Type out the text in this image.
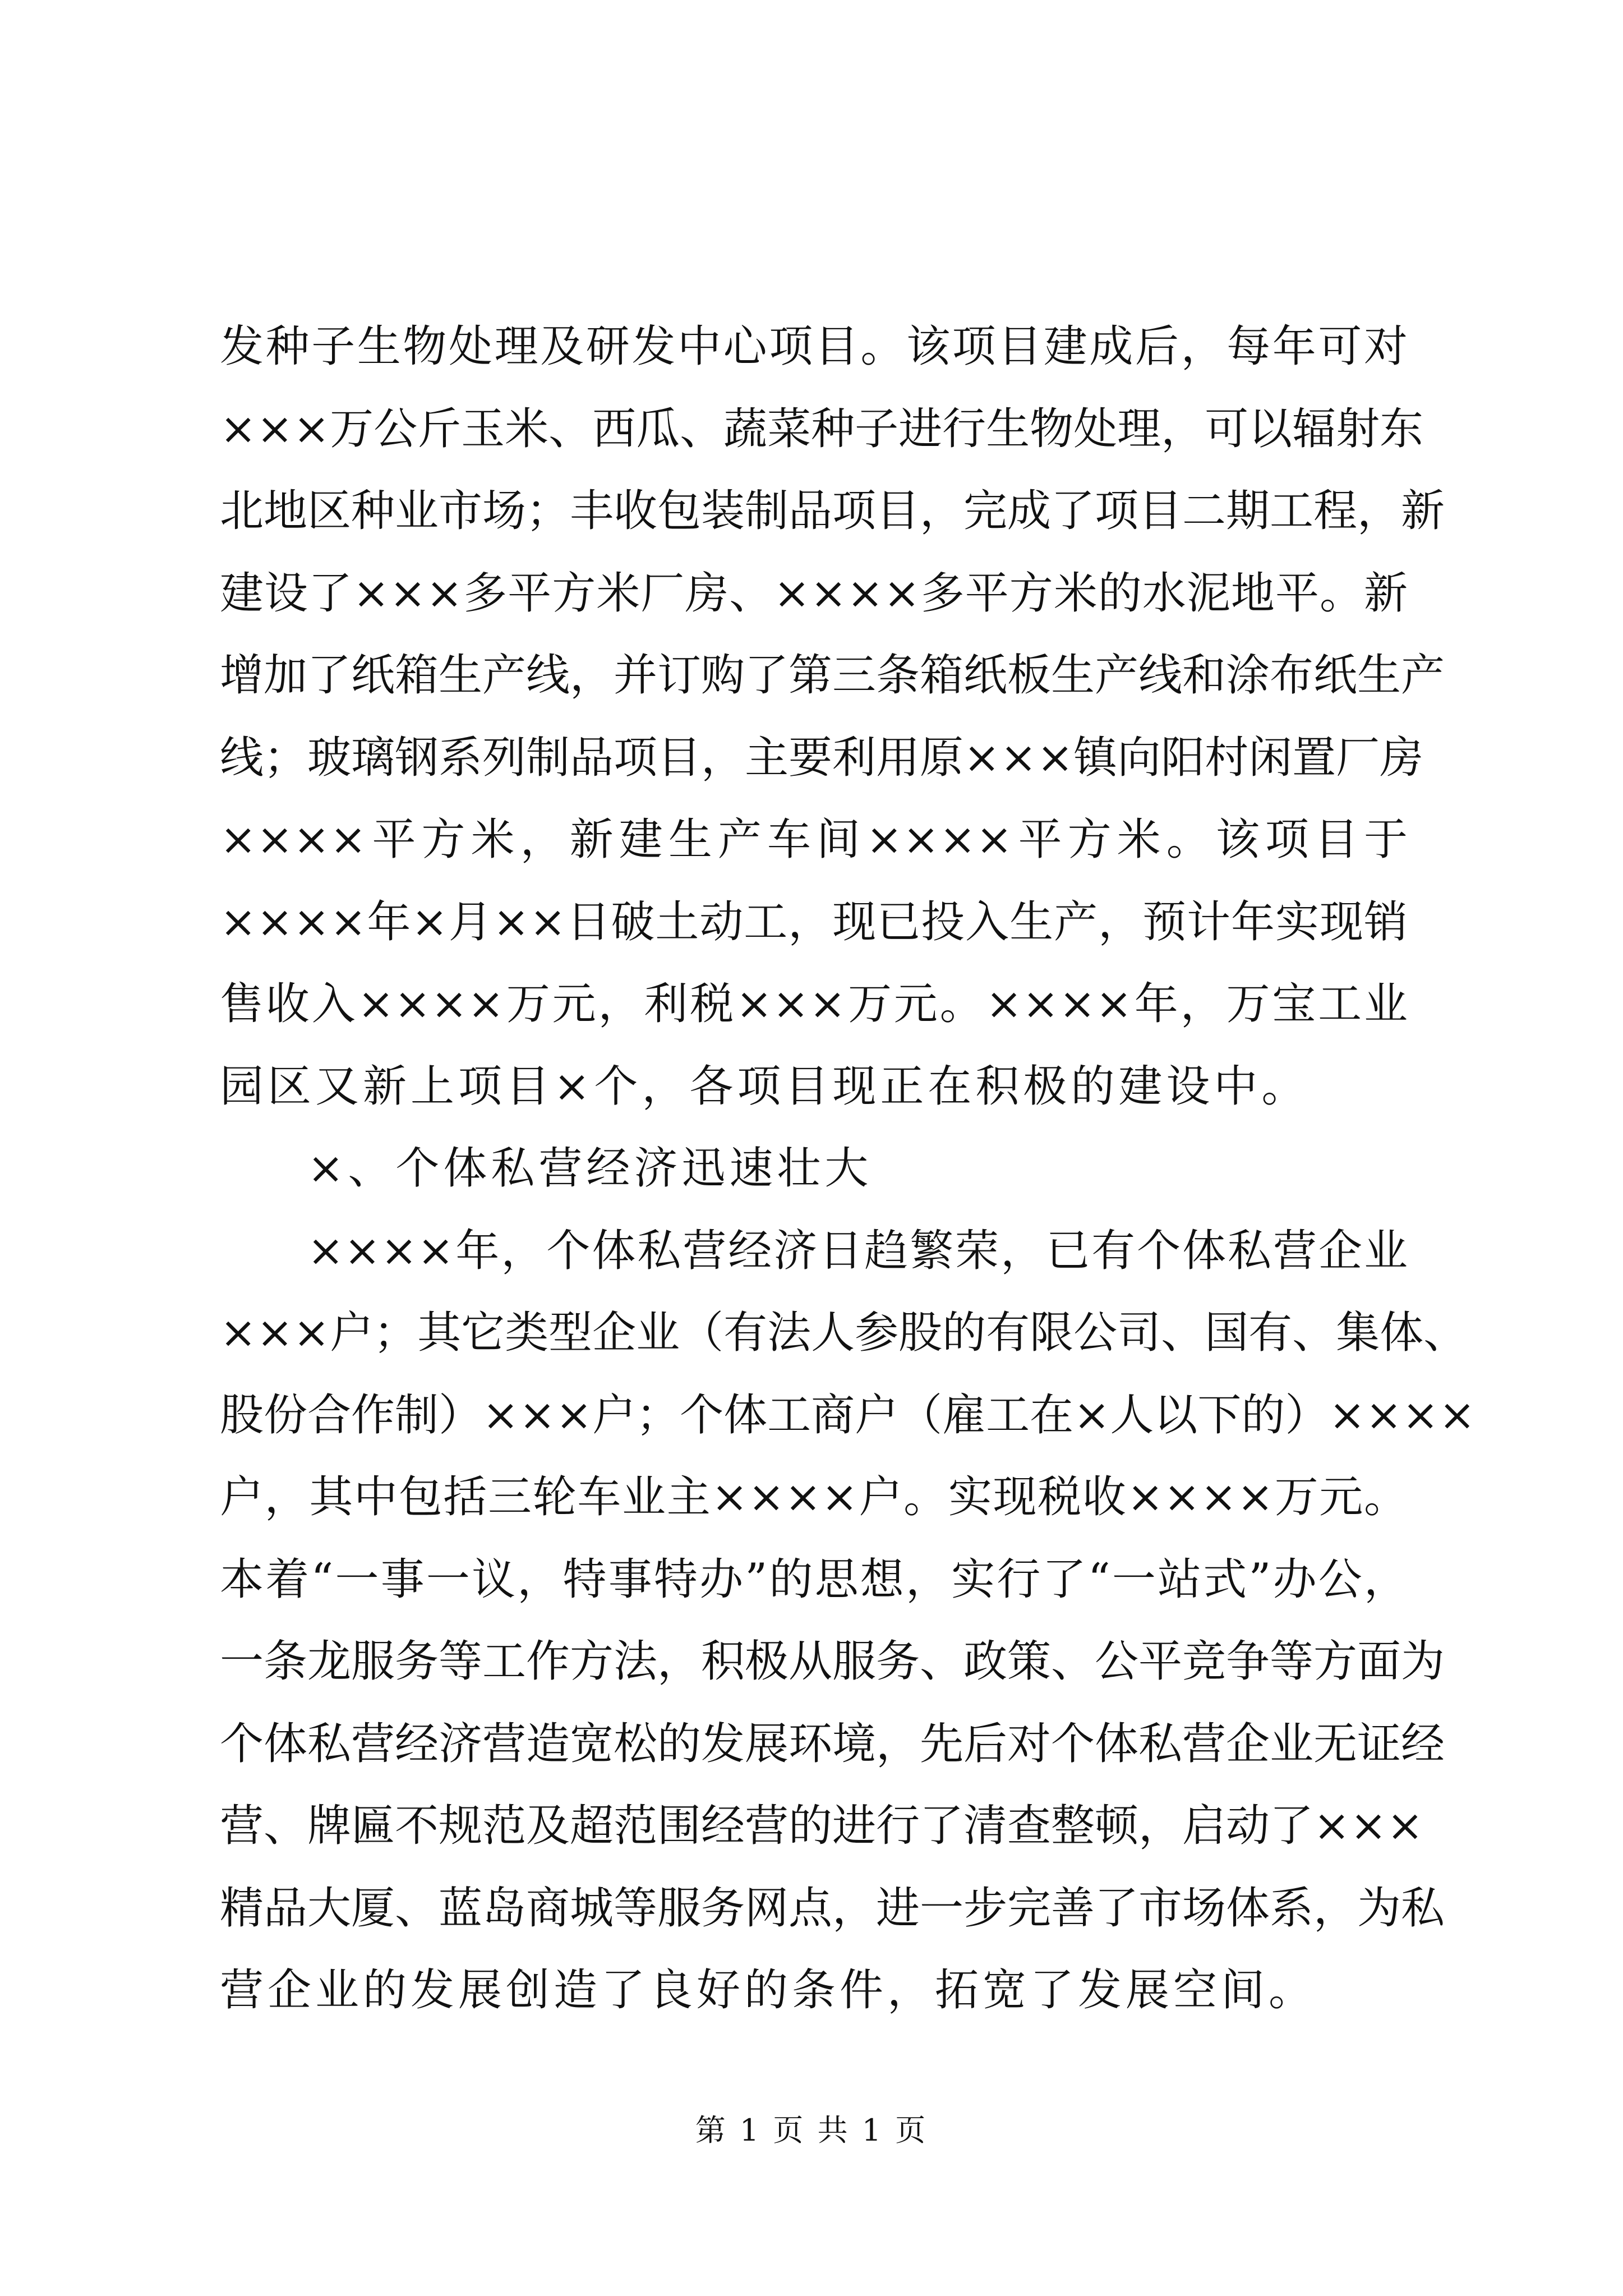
发种子生物处理及研发中心项目。该项目建成后，每年可对
×××万公斤玉米、西瓜、蔬菜种子进行生物处理，可以辐射东
北地区种业市场；丰收包装制品项目，完成了项目二期工程，新
建设了×××多平方米厂房、××××多平方米的水泥地平。新
增加了纸箱生产线，并订购了第三条箱纸板生产线和涂布纸生产
线；玻璃钢系列制品项目，主要利用原×××镇向阳村闲置厂房
××××平方米，新建生产车间××××平方米。该项目于
××××年×月××日破土动工，现已投入生产，预计年实现销
售收入××××万元，利税×××万元。××××年，万宝工业
园区又新上项目×个，各项目现正在积极的建设中。
×、个体私营经济迅速壮大
××××年，个体私营经济日趋繁荣，已有个体私营企业
×××户；其它类型企业（有法人参股的有限公司、国有、集体、
股份合作制）×××户；个体工商户（雇工在×人以下的）××××
户，其中包括三轮车业主××××户。实现税收××××万元。
本着“一事一议，特事特办”的思想，实行了“一站式”办公，
一条龙服务等工作方法，积极从服务、政策、公平竞争等方面为
个体私营经济营造宽松的发展环境，先后对个体私营企业无证经
营、牌匾不规范及超范围经营的进行了清查整顿，启动了×××
精品大厦、蓝岛商城等服务网点，进一步完善了市场体系，为私
营企业的发展创造了良好的条件，拓宽了发展空间。
第 1 页 共 1 页
